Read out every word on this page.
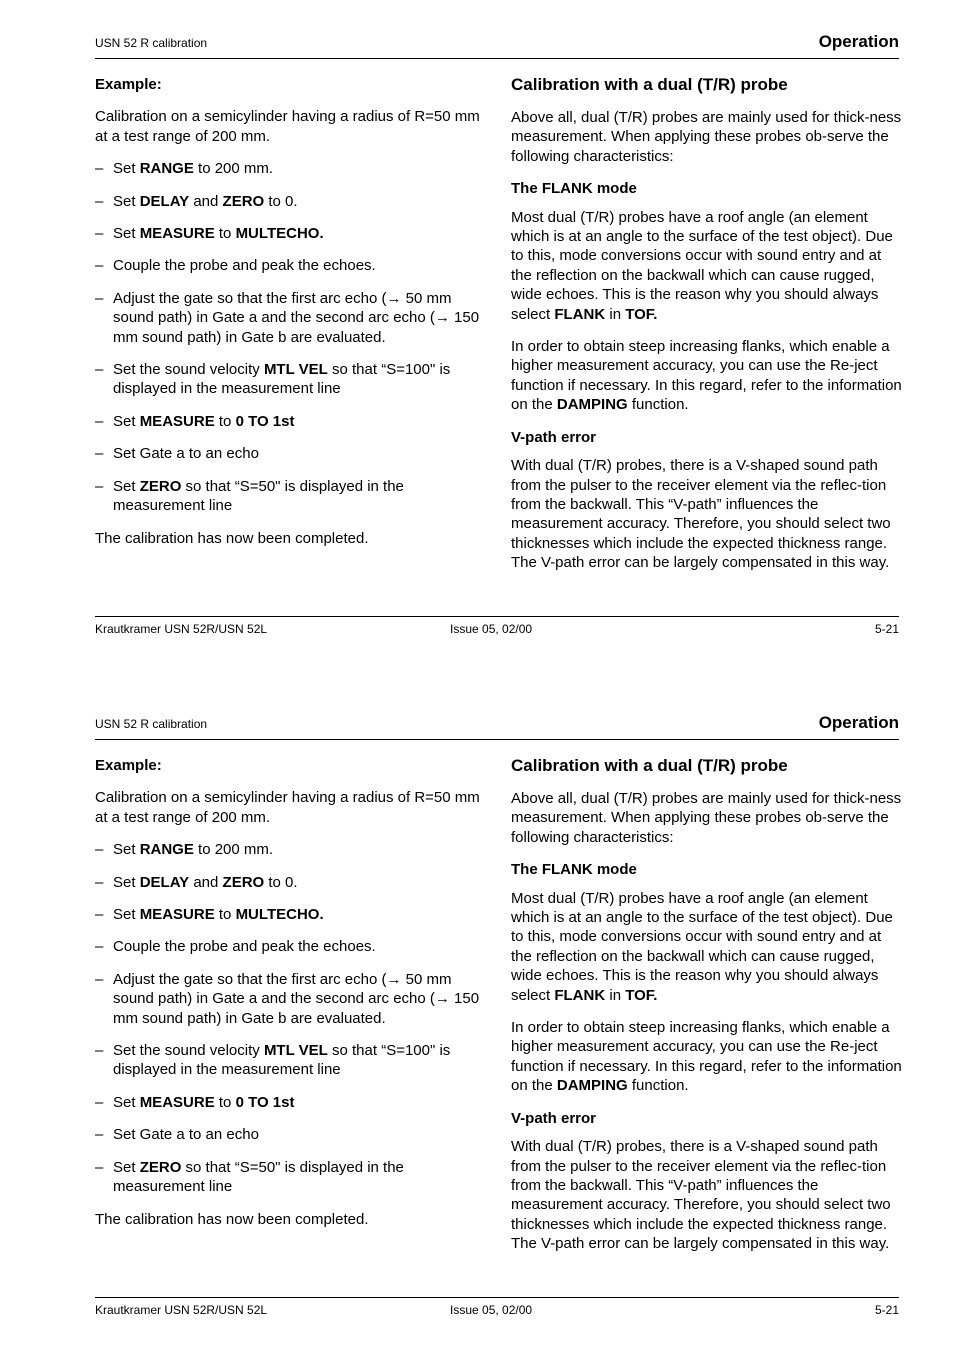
USN 52 R calibration	Operation
Example:
Calibration on a semicylinder having a radius of R=50 mm at a test range of 200 mm.
– Set RANGE to 200 mm.
– Set DELAY and ZERO to 0.
– Set MEASURE to MULTECHO.
– Couple the probe and peak the echoes.
– Adjust the gate so that the first arc echo (→ 50 mm sound path) in Gate a and the second arc echo (→ 150 mm sound path) in Gate b are evaluated.
– Set the sound velocity MTL VEL so that “S=100" is displayed in the measurement line
– Set MEASURE to 0 TO 1st
– Set Gate a to an echo
– Set ZERO so that “S=50" is displayed in the measurement line
The calibration has now been completed.
Calibration with a dual (T/R) probe
Above all, dual (T/R) probes are mainly used for thick-ness measurement. When applying these probes ob-serve the following characteristics:
The FLANK mode
Most dual (T/R) probes have a roof angle (an element which is at an angle to the surface of the test object). Due to this, mode conversions occur with sound entry and at the reflection on the backwall which can cause rugged, wide echoes. This is the reason why you should always select FLANK in TOF.
In order to obtain steep increasing flanks, which enable a higher measurement accuracy, you can use the Re-ject function if necessary. In this regard, refer to the information on the DAMPING function.
V-path error
With dual (T/R) probes, there is a V-shaped sound path from the pulser to the receiver element via the reflec-tion from the backwall. This “V-path” influences the measurement accuracy. Therefore, you should select two thicknesses which include the expected thickness range. The V-path error can be largely compensated in this way.
Krautkramer USN 52R/USN 52L	Issue 05, 02/00	5-21
USN 52 R calibration	Operation
Example:
Calibration on a semicylinder having a radius of R=50 mm at a test range of 200 mm.
– Set RANGE to 200 mm.
– Set DELAY and ZERO to 0.
– Set MEASURE to MULTECHO.
– Couple the probe and peak the echoes.
– Adjust the gate so that the first arc echo (→ 50 mm sound path) in Gate a and the second arc echo (→ 150 mm sound path) in Gate b are evaluated.
– Set the sound velocity MTL VEL so that “S=100" is displayed in the measurement line
– Set MEASURE to 0 TO 1st
– Set Gate a to an echo
– Set ZERO so that “S=50" is displayed in the measurement line
The calibration has now been completed.
Calibration with a dual (T/R) probe
Above all, dual (T/R) probes are mainly used for thick-ness measurement. When applying these probes ob-serve the following characteristics:
The FLANK mode
Most dual (T/R) probes have a roof angle (an element which is at an angle to the surface of the test object). Due to this, mode conversions occur with sound entry and at the reflection on the backwall which can cause rugged, wide echoes. This is the reason why you should always select FLANK in TOF.
In order to obtain steep increasing flanks, which enable a higher measurement accuracy, you can use the Re-ject function if necessary. In this regard, refer to the information on the DAMPING function.
V-path error
With dual (T/R) probes, there is a V-shaped sound path from the pulser to the receiver element via the reflec-tion from the backwall. This “V-path” influences the measurement accuracy. Therefore, you should select two thicknesses which include the expected thickness range. The V-path error can be largely compensated in this way.
Krautkramer USN 52R/USN 52L	Issue 05, 02/00	5-21
